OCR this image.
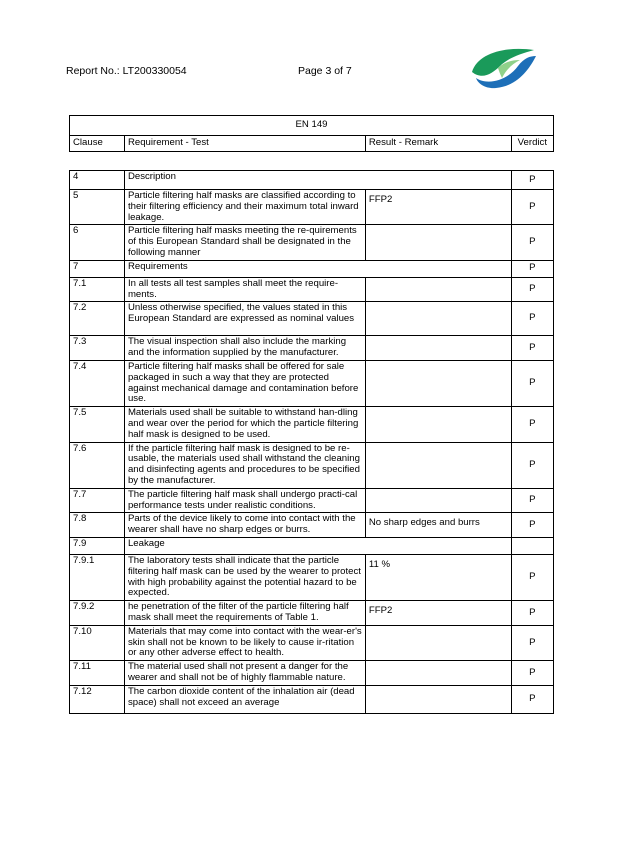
Report No.: LT200330054	Page 3 of 7
EN 149
Clause	Requirement - Test	Result - Remark	Verdict
4	Description		P
5	Particle filtering half masks are classified according to their filtering efficiency and their maximum total inward leakage.	FFP2	P
6	Particle filtering half masks meeting the re-quirements of this European Standard shall be designated in the following manner		P
7	Requirements		P
7.1	In all tests all test samples shall meet the require-ments.		P
7.2	Unless otherwise specified, the values stated in this European Standard are expressed as nominal values		P
7.3	The visual inspection shall also include the marking and the information supplied by the manufacturer.		P
7.4	Particle filtering half masks shall be offered for sale packaged in such a way that they are protected against mechanical damage and contamination before use.		P
7.5	Materials used shall be suitable to withstand han-dling and wear over the period for which the particle filtering half mask is designed to be used.		P
7.6	If the particle filtering half mask is designed to be re-usable, the materials used shall withstand the cleaning and disinfecting agents and procedures to be specified by the manufacturer.		P
7.7	The particle filtering half mask shall undergo practi-cal performance tests under realistic conditions.		P
7.8	Parts of the device likely to come into contact with the wearer shall have no sharp edges or burrs.	No sharp edges and burrs	P
7.9	Leakage		
7.9.1	The laboratory tests shall indicate that the particle filtering half mask can be used by the wearer to protect with high probability against the potential hazard to be expected.	11 %	P
7.9.2	he penetration of the filter of the particle filtering half mask shall meet the requirements of Table 1.	FFP2	P
7.10	Materials that may come into contact with the wear-er's skin shall not be known to be likely to cause ir-ritation or any other adverse effect to health.		P
7.11	The material used shall not present a danger for the wearer and shall not be of highly flammable nature.		P
7.12	The carbon dioxide content of the inhalation air (dead space) shall not exceed an average		P
